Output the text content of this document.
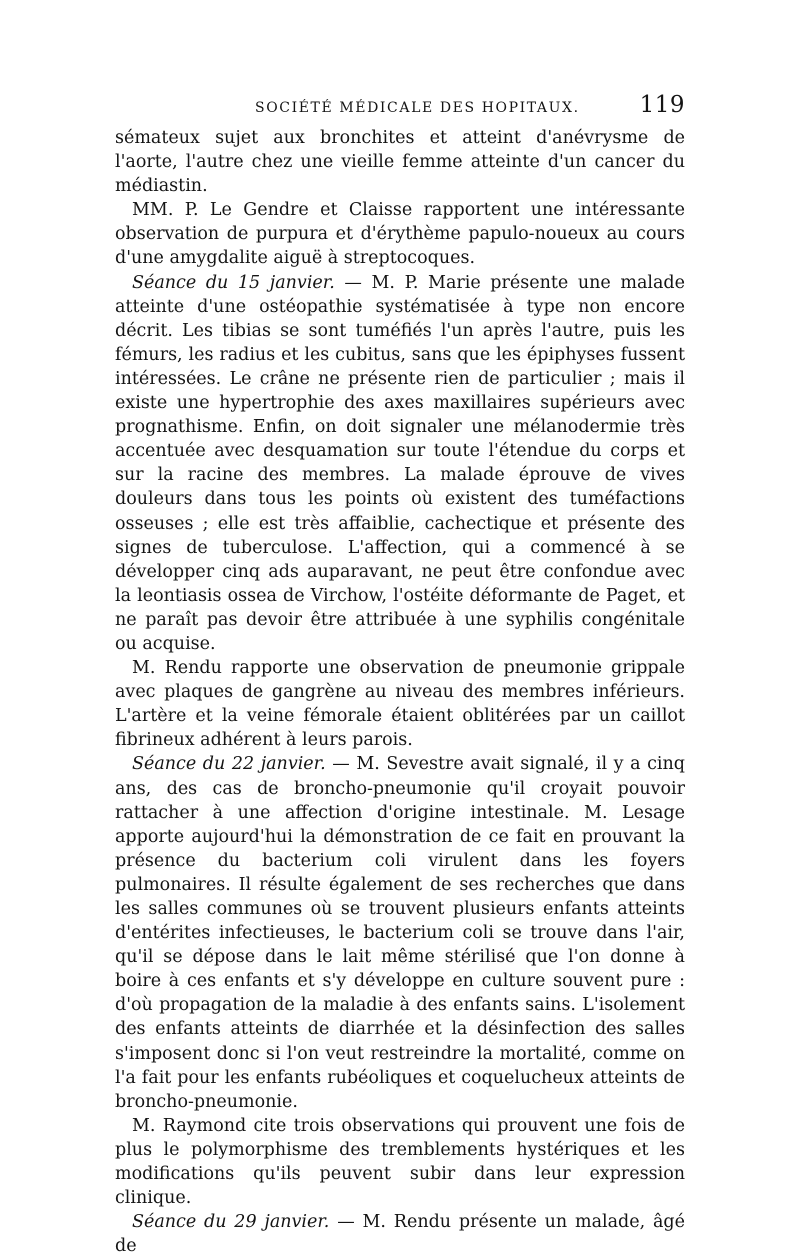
SOCIÉTÉ MÉDICALE DES HOPITAUX.	119

sémateux sujet aux bronchites et atteint d'anévrysme de l'aorte, l'autre chez une vieille femme atteinte d'un cancer du médiastin.

MM. P. Le Gendre et Claisse rapportent une intéressante observation de purpura et d'érythème papulo-noueux au cours d'une amygdalite aiguë à streptocoques.

Séance du 15 janvier. — M. P. Marie présente une malade atteinte d'une ostéopathie systématisée à type non encore décrit. Les tibias se sont tuméfiés l'un après l'autre, puis les fémurs, les radius et les cubitus, sans que les épiphyses fussent intéressées. Le crâne ne présente rien de particulier ; mais il existe une hypertrophie des axes maxillaires supérieurs avec prognathisme. Enfin, on doit signaler une mélanodermie très accentuée avec desquamation sur toute l'étendue du corps et sur la racine des membres. La malade éprouve de vives douleurs dans tous les points où existent des tuméfactions osseuses ; elle est très affaiblie, cachectique et présente des signes de tuberculose. L'affection, qui a commencé à se développer cinq ads auparavant, ne peut être confondue avec la leontiasis ossea de Virchow, l'ostéite déformante de Paget, et ne paraît pas devoir être attribuée à une syphilis congénitale ou acquise.

M. Rendu rapporte une observation de pneumonie grippale avec plaques de gangrène au niveau des membres inférieurs. L'artère et la veine fémorale étaient oblitérées par un caillot fibrineux adhérent à leurs parois.

Séance du 22 janvier. — M. Sevestre avait signalé, il y a cinq ans, des cas de broncho-pneumonie qu'il croyait pouvoir rattacher à une affection d'origine intestinale. M. Lesage apporte aujourd'hui la démonstration de ce fait en prouvant la présence du bacterium coli virulent dans les foyers pulmonaires. Il résulte également de ses recherches que dans les salles communes où se trouvent plusieurs enfants atteints d'entérites infectieuses, le bacterium coli se trouve dans l'air, qu'il se dépose dans le lait même stérilisé que l'on donne à boire à ces enfants et s'y développe en culture souvent pure : d'où propagation de la maladie à des enfants sains. L'isolement des enfants atteints de diarrhée et la désinfection des salles s'imposent donc si l'on veut restreindre la mortalité, comme on l'a fait pour les enfants rubéoliques et coquelucheux atteints de broncho-pneumonie.

M. Raymond cite trois observations qui prouvent une fois de plus le polymorphisme des tremblements hystériques et les modifications qu'ils peuvent subir dans leur expression clinique.

Séance du 29 janvier. — M. Rendu présente un malade, âgé de
